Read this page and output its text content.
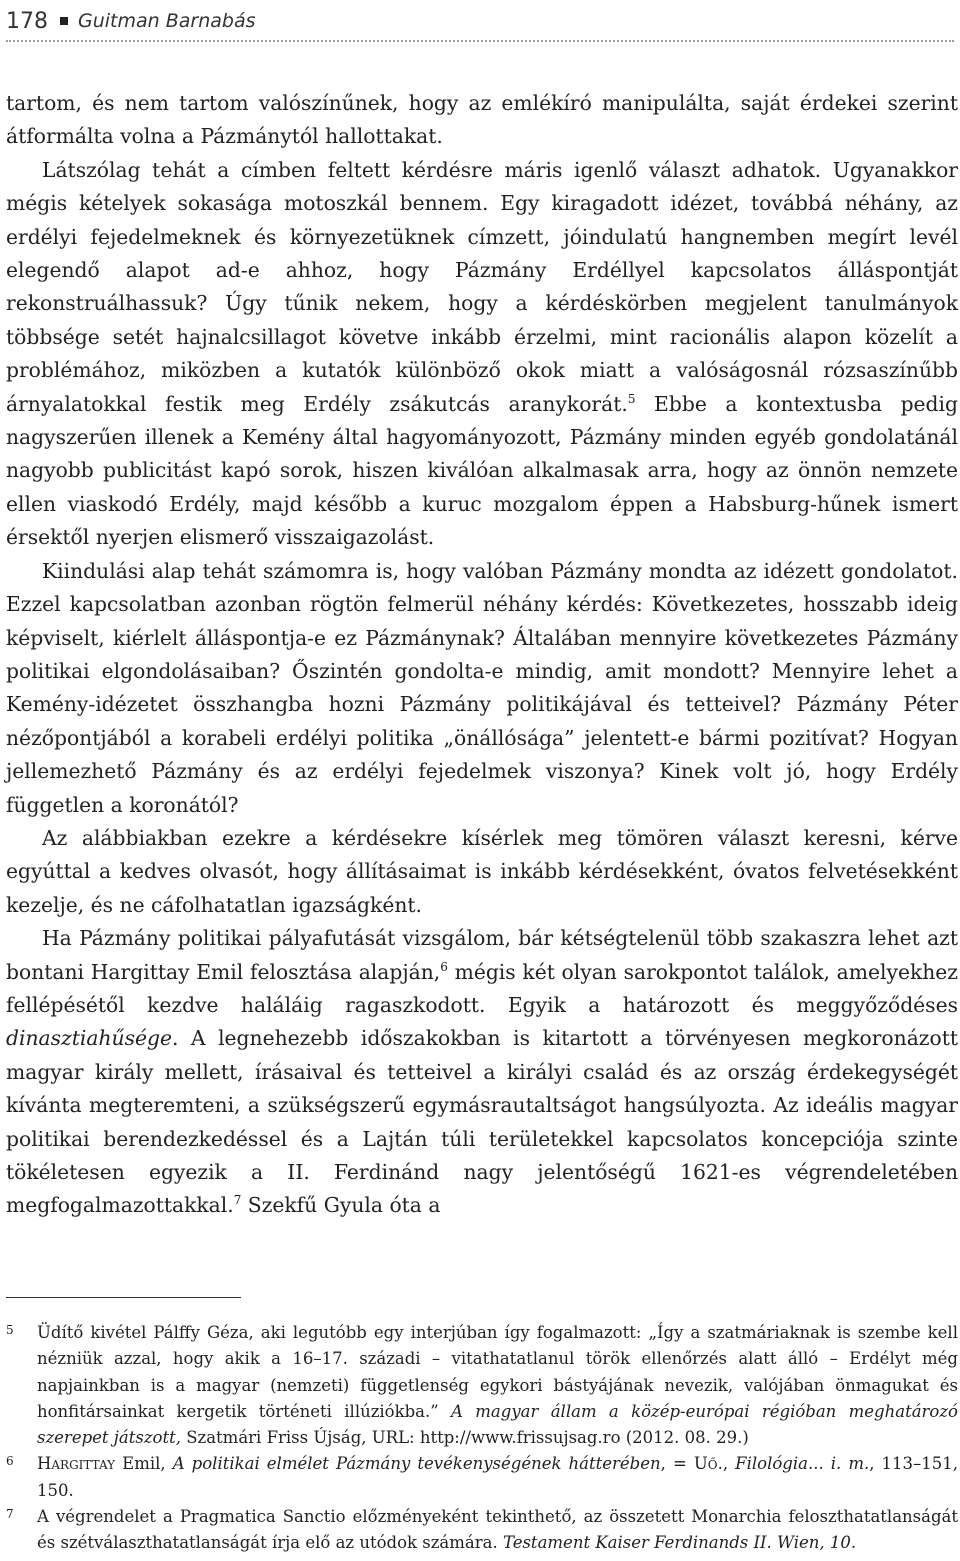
178 Guitman Barnabás

tartom, és nem tartom valószínűnek, hogy az emlékíró manipulálta, saját érdekei szerint átformálta volna a Pázmánytól hallottakat.

Látszólag tehát a címben feltett kérdésre máris igenlő választ adhatok. Ugyanakkor mégis kételyek sokasága motoszkál bennem. Egy kiragadott idézet, továbbá néhány, az erdélyi fejedelmeknek és környezetüknek címzett, jóindulatú hangnemben megírt levél elegendő alapot ad-e ahhoz, hogy Pázmány Erdéllyel kapcsolatos álláspontját rekonstruálhassuk? Úgy tűnik nekem, hogy a kérdéskörben megjelent tanulmányok többsége setét hajnalcsillagot követve inkább érzelmi, mint racionális alapon közelít a problémához, miközben a kutatók különböző okok miatt a valóságosnál rózsaszínűbb árnyalatokkal festik meg Erdély zsákutcás aranykorát.$^5$ Ebbe a kontextusba pedig nagyszerűen illenek a Kemény által hagyományozott, Pázmány minden egyéb gondolatánál nagyobb publicitást kapó sorok, hiszen kiválóan alkalmasak arra, hogy az önnön nemzete ellen viaskodó Erdély, majd később a kuruc mozgalom éppen a Habsburg-hűnek ismert érsektől nyerjen elismerő visszaigazolást.

Kiindulási alap tehát számomra is, hogy valóban Pázmány mondta az idézett gondolatot. Ezzel kapcsolatban azonban rögtön felmerül néhány kérdés: Következetes, hosszabb ideig képviselt, kiérlelt álláspontja-e ez Pázmánynak? Általában mennyire következetes Pázmány politikai elgondolásaiban? Őszintén gondolta-e mindig, amit mondott? Mennyire lehet a Kemény-idézetet összhangba hozni Pázmány politikájával és tetteivel? Pázmány Péter nézőpontjából a korabeli erdélyi politika „önállósága” jelentett-e bármi pozitívat? Hogyan jellemezhető Pázmány és az erdélyi fejedelmek viszonya? Kinek volt jó, hogy Erdély független a koronától?

Az alábbiakban ezekre a kérdésekre kísérlek meg tömören választ keresni, kérve egyúttal a kedves olvasót, hogy állításaimat is inkább kérdésekként, óvatos felvetésekként kezelje, és ne cáfolhatatlan igazságként.

Ha Pázmány politikai pályafutását vizsgálom, bár kétségtelenül több szakaszra lehet azt bontani Hargittay Emil felosztása alapján,$^6$ mégis két olyan sarokpontot találok, amelyekhez fellépésétől kezdve haláláig ragaszkodott. Egyik a határozott és meggyőződéses dinasztiahűsége. A legnehezebb időszakokban is kitartott a törvényesen megkoronázott magyar király mellett, írásaival és tetteivel a királyi család és az ország érdekegységét kívánta megteremteni, a szükségszerű egymásrautaltságot hangsúlyozta. Az ideális magyar politikai berendezkedéssel és a Lajtán túli területekkel kapcsolatos koncepciója szinte tökéletesen egyezik a II. Ferdinánd nagy jelentőségű 1621-es végrendeletében megfogalmazottakkal.$^7$ Szekfű Gyula óta a

5	Üdítő kivétel Pálffy Géza, aki legutóbb egy interjúban így fogalmazott: „Így a szatmáriaknak is szembe kell nézniük azzal, hogy akik a 16–17. századi – vitathatatlanul török ellenőrzés alatt álló – Erdélyt még napjainkban is a magyar (nemzeti) függetlenség egykori bástyájának nevezik, valójában önmagukat és honfitársainkat kergetik történeti illúziókba.” A magyar állam a közép-európai régióban meghatározó szerepet játszott, Szatmári Friss Újság, URL: http://www.frissujsag.ro (2012. 08. 29.)
6	Hargittay Emil, A politikai elmélet Pázmány tevékenységének hátterében, = Uő., Filológia... i. m., 113–151, 150.
7	A végrendelet a Pragmatica Sanctio előzményeként tekinthető, az összetett Monarchia feloszthatatlanságát és szétválaszthatatlanságát írja elő az utódok számára. Testament Kaiser Ferdinands II. Wien, 10.
